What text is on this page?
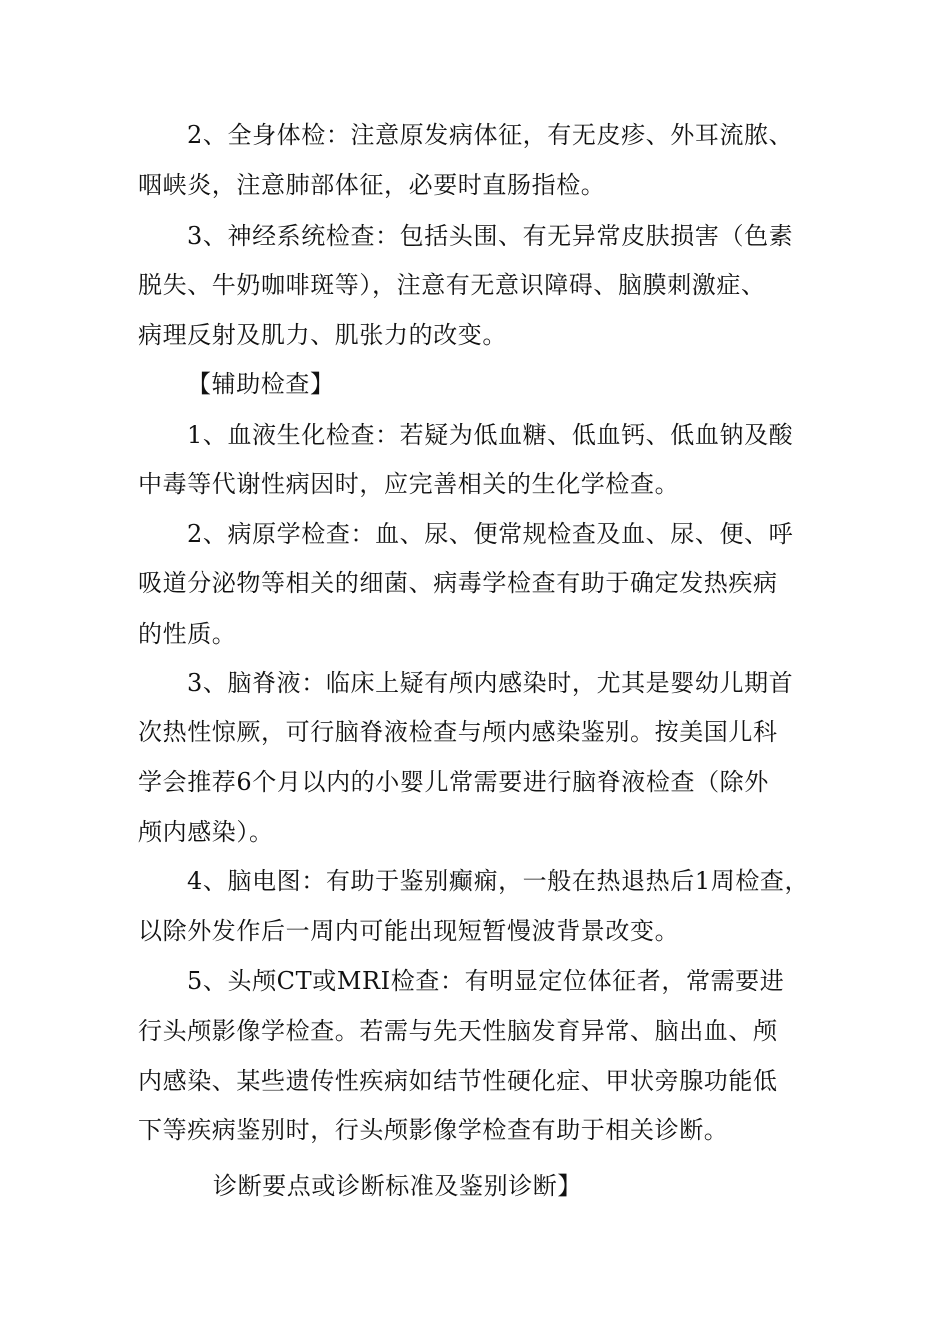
2、全身体检：注意原发病体征，有无皮疹、外耳流脓、
咽峡炎，注意肺部体征，必要时直肠指检。
3、神经系统检查：包括头围、有无异常皮肤损害（色素
脱失、牛奶咖啡斑等），注意有无意识障碍、脑膜刺激症、
病理反射及肌力、肌张力的改变。
【辅助检查】
1、血液生化检查：若疑为低血糖、低血钙、低血钠及酸
中毒等代谢性病因时，应完善相关的生化学检查。
2、病原学检查：血、尿、便常规检查及血、尿、便、呼
吸道分泌物等相关的细菌、病毒学检查有助于确定发热疾病
的性质。
3、脑脊液：临床上疑有颅内感染时，尤其是婴幼儿期首
次热性惊厥，可行脑脊液检查与颅内感染鉴别。按美国儿科
学会推荐6个月以内的小婴儿常需要进行脑脊液检查（除外
颅内感染）。
4、脑电图：有助于鉴别癫痫，一般在热退热后1周检查，
以除外发作后一周内可能出现短暂慢波背景改变。
5、头颅CT或MRI检查：有明显定位体征者，常需要进
行头颅影像学检查。若需与先天性脑发育异常、脑出血、颅
内感染、某些遗传性疾病如结节性硬化症、甲状旁腺功能低
下等疾病鉴别时，行头颅影像学检查有助于相关诊断。
诊断要点或诊断标准及鉴别诊断】
